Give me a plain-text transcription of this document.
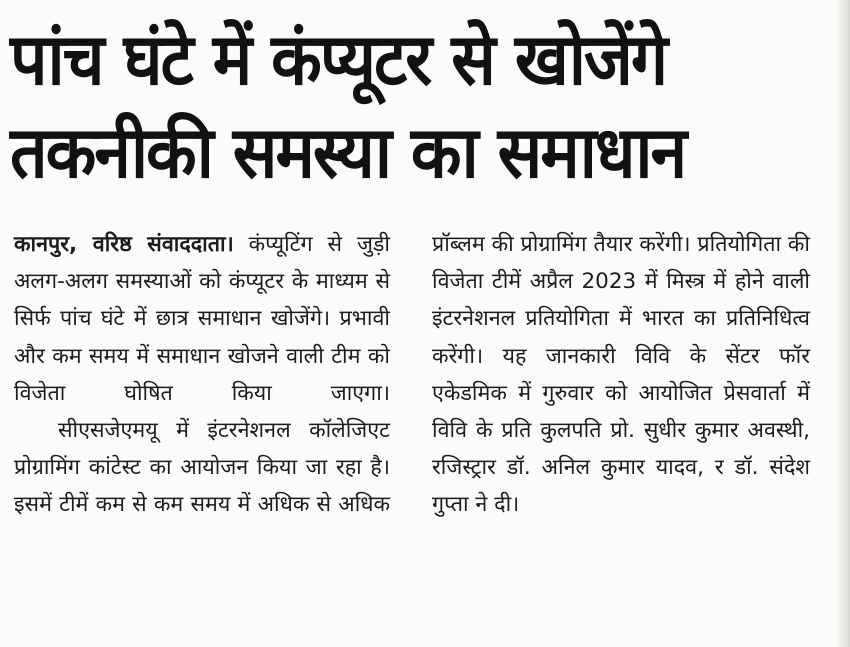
पांच घंटे में कंप्यूटर से खोजेंगे
तकनीकी समस्या का समाधान

कानपुर, वरिष्ठ संवाददाता। कंप्यूटिंग से जुड़ी अलग-अलग समस्याओं को कंप्यूटर के माध्यम से सिर्फ पांच घंटे में छात्र समाधान खोजेंगे। प्रभावी और कम समय में समाधान खोजने वाली टीम को विजेता घोषित किया जाएगा।

सीएसजेएमयू में इंटरनेशनल कॉलेजिएट प्रोग्रामिंग कांटेस्ट का आयोजन किया जा रहा है। इसमें टीमें कम से कम समय में अधिक से अधिक

प्रॉब्लम की प्रोग्रामिंग तैयार करेंगी। प्रतियोगिता की विजेता टीमें अप्रैल 2023 में मिस्त्र में होने वाली इंटरनेशनल प्रतियोगिता में भारत का प्रतिनिधित्व करेंगी। यह जानकारी विवि के सेंटर फॉर एकेडमिक में गुरुवार को आयोजित प्रेसवार्ता में विवि के प्रति कुलपति प्रो. सुधीर कुमार अवस्थी, रजिस्ट्रार डॉ. अनिल कुमार यादव, र डॉ. संदेश गुप्ता ने दी।
